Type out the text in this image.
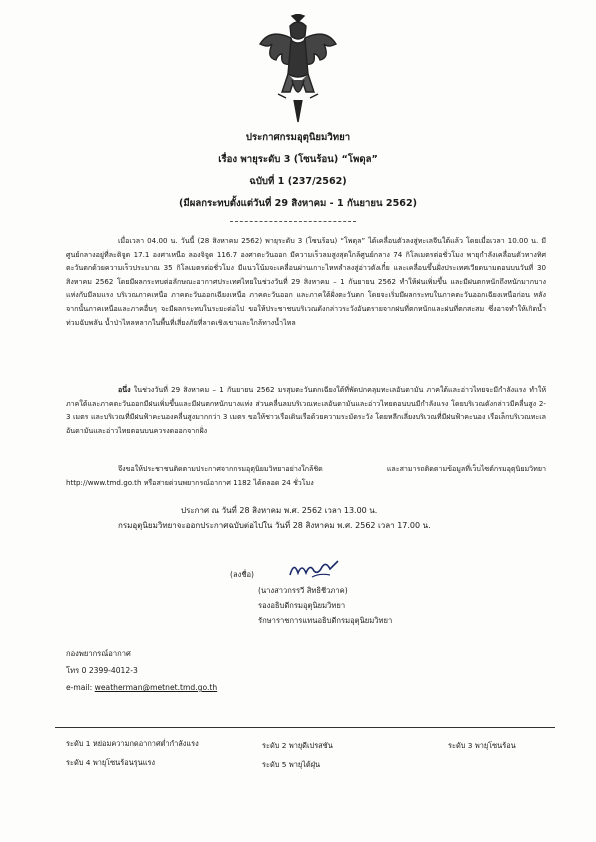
ประกาศกรมอุตุนิยมวิทยา
เรื่อง พายุระดับ 3 (โซนร้อน) “โพดุล”
ฉบับที่ 1 (237/2562)
(มีผลกระทบตั้งแต่วันที่ 29 สิงหาคม - 1 กันยายน 2562)
เมื่อเวลา 04.00 น. วันนี้ (28 สิงหาคม 2562) พายุระดับ 3 (โซนร้อน) “โพดุล” ได้เคลื่อนตัวลงสู่ทะเลจีนใต้แล้ว โดยเมื่อเวลา 10.00 น. มีศูนย์กลางอยู่ที่ละติจูด 17.1 องศาเหนือ ลองจิจูด 116.7 องศาตะวันออก มีความเร็วลมสูงสุดใกล้ศูนย์กลาง 74 กิโลเมตรต่อชั่วโมง พายุกำลังเคลื่อนตัวทางทิศตะวันตกด้วยความเร็วประมาณ 35 กิโลเมตรต่อชั่วโมง มีแนวโน้มจะเคลื่อนผ่านเกาะไหหลำลงสู่อ่าวตังเกี๋ย และเคลื่อนขึ้นฝั่งประเทศเวียดนามตอนบนวันที่ 30 สิงหาคม 2562 โดยมีผลกระทบต่อลักษณะอากาศประเทศไทยในช่วงวันที่ 29 สิงหาคม – 1 กันยายน 2562 ทำให้ฝนเพิ่มขึ้น และมีฝนตกหนักถึงหนักมากบางแห่งกับมีลมแรง บริเวณภาคเหนือ ภาคตะวันออกเฉียงเหนือ ภาคตะวันออก และภาคใต้ฝั่งตะวันตก โดยจะเริ่มมีผลกระทบในภาคตะวันออกเฉียงเหนือก่อน หลังจากนั้นภาคเหนือและภาคอื่นๆ จะมีผลกระทบในระยะต่อไป ขอให้ประชาชนบริเวณดังกล่าวระวังอันตรายจากฝนที่ตกหนักและฝนที่ตกสะสม ซึ่งอาจทำให้เกิดน้ำท่วมฉับพลัน น้ำป่าไหลหลากในพื้นที่เสี่ยงภัยที่ลาดเชิงเขาและใกล้ทางน้ำไหล
อนึ่ง ในช่วงวันที่ 29 สิงหาคม – 1 กันยายน 2562 มรสุมตะวันตกเฉียงใต้ที่พัดปกคลุมทะเลอันดามัน ภาคใต้และอ่าวไทยจะมีกำลังแรง ทำให้ภาคใต้และภาคตะวันออกมีฝนเพิ่มขึ้นและมีฝนตกหนักบางแห่ง ส่วนคลื่นลมบริเวณทะเลอันดามันและอ่าวไทยตอนบนมีกำลังแรง โดยบริเวณดังกล่าวมีคลื่นสูง 2-3 เมตร และบริเวณที่มีฝนฟ้าคะนองคลื่นสูงมากกว่า 3 เมตร ขอให้ชาวเรือเดินเรือด้วยความระมัดระวัง โดยหลีกเลี่ยงบริเวณที่มีฝนฟ้าคะนอง เรือเล็กบริเวณทะเลอันดามันและอ่าวไทยตอนบนควรงดออกจากฝั่ง
จึงขอให้ประชาชนติดตามประกาศจากกรมอุตุนิยมวิทยาอย่างใกล้ชิด และสามารถติดตามข้อมูลที่เว็บไซต์กรมอุตุนิยมวิทยา http://www.tmd.go.th หรือสายด่วนพยากรณ์อากาศ 1182 ได้ตลอด 24 ชั่วโมง
ประกาศ ณ วันที่ 28 สิงหาคม พ.ศ. 2562 เวลา 13.00 น.
กรมอุตุนิยมวิทยาจะออกประกาศฉบับต่อไปใน วันที่ 28 สิงหาคม พ.ศ. 2562 เวลา 17.00 น.
(ลงชื่อ)
(นางสาวกรรวี สิทธิชีวภาค)
รองอธิบดีกรมอุตุนิยมวิทยา
รักษาราชการแทนอธิบดีกรมอุตุนิยมวิทยา
กองพยากรณ์อากาศ
โทร 0 2399-4012-3
e-mail: weatherman@metnet.tmd.go.th
ระดับ 1 หย่อมความกดอากาศต่ำกำลังแรง	ระดับ 2 พายุดีเปรสชัน	ระดับ 3 พายุโซนร้อน
ระดับ 4 พายุโซนร้อนรุนแรง	ระดับ 5 พายุไต้ฝุ่น
